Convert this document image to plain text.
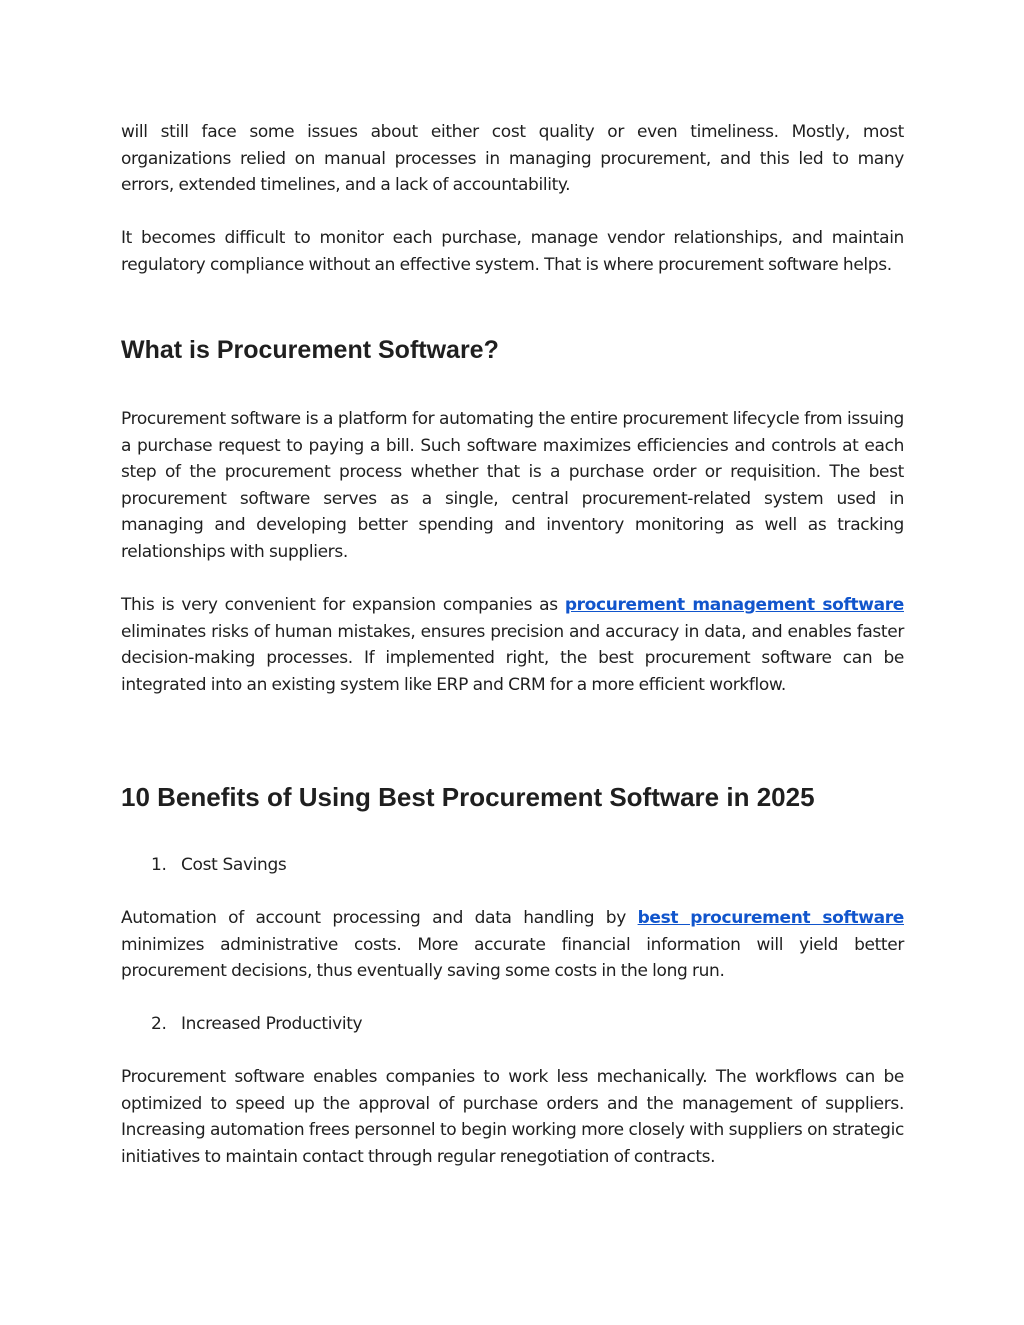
will still face some issues about either cost quality or even timeliness. Mostly, most organizations relied on manual processes in managing procurement, and this led to many errors, extended timelines, and a lack of accountability.

It becomes difficult to monitor each purchase, manage vendor relationships, and maintain regulatory compliance without an effective system. That is where procurement software helps.

What is Procurement Software?

Procurement software is a platform for automating the entire procurement lifecycle from issuing a purchase request to paying a bill. Such software maximizes efficiencies and controls at each step of the procurement process whether that is a purchase order or requisition. The best procurement software serves as a single, central procurement-related system used in managing and developing better spending and inventory monitoring as well as tracking relationships with suppliers.

This is very convenient for expansion companies as procurement management software eliminates risks of human mistakes, ensures precision and accuracy in data, and enables faster decision-making processes. If implemented right, the best procurement software can be integrated into an existing system like ERP and CRM for a more efficient workflow.

10 Benefits of Using Best Procurement Software in 2025
1. Cost Savings

Automation of account processing and data handling by best procurement software minimizes administrative costs. More accurate financial information will yield better procurement decisions, thus eventually saving some costs in the long run.

2. Increased Productivity

Procurement software enables companies to work less mechanically. The workflows can be optimized to speed up the approval of purchase orders and the management of suppliers. Increasing automation frees personnel to begin working more closely with suppliers on strategic initiatives to maintain contact through regular renegotiation of contracts.
